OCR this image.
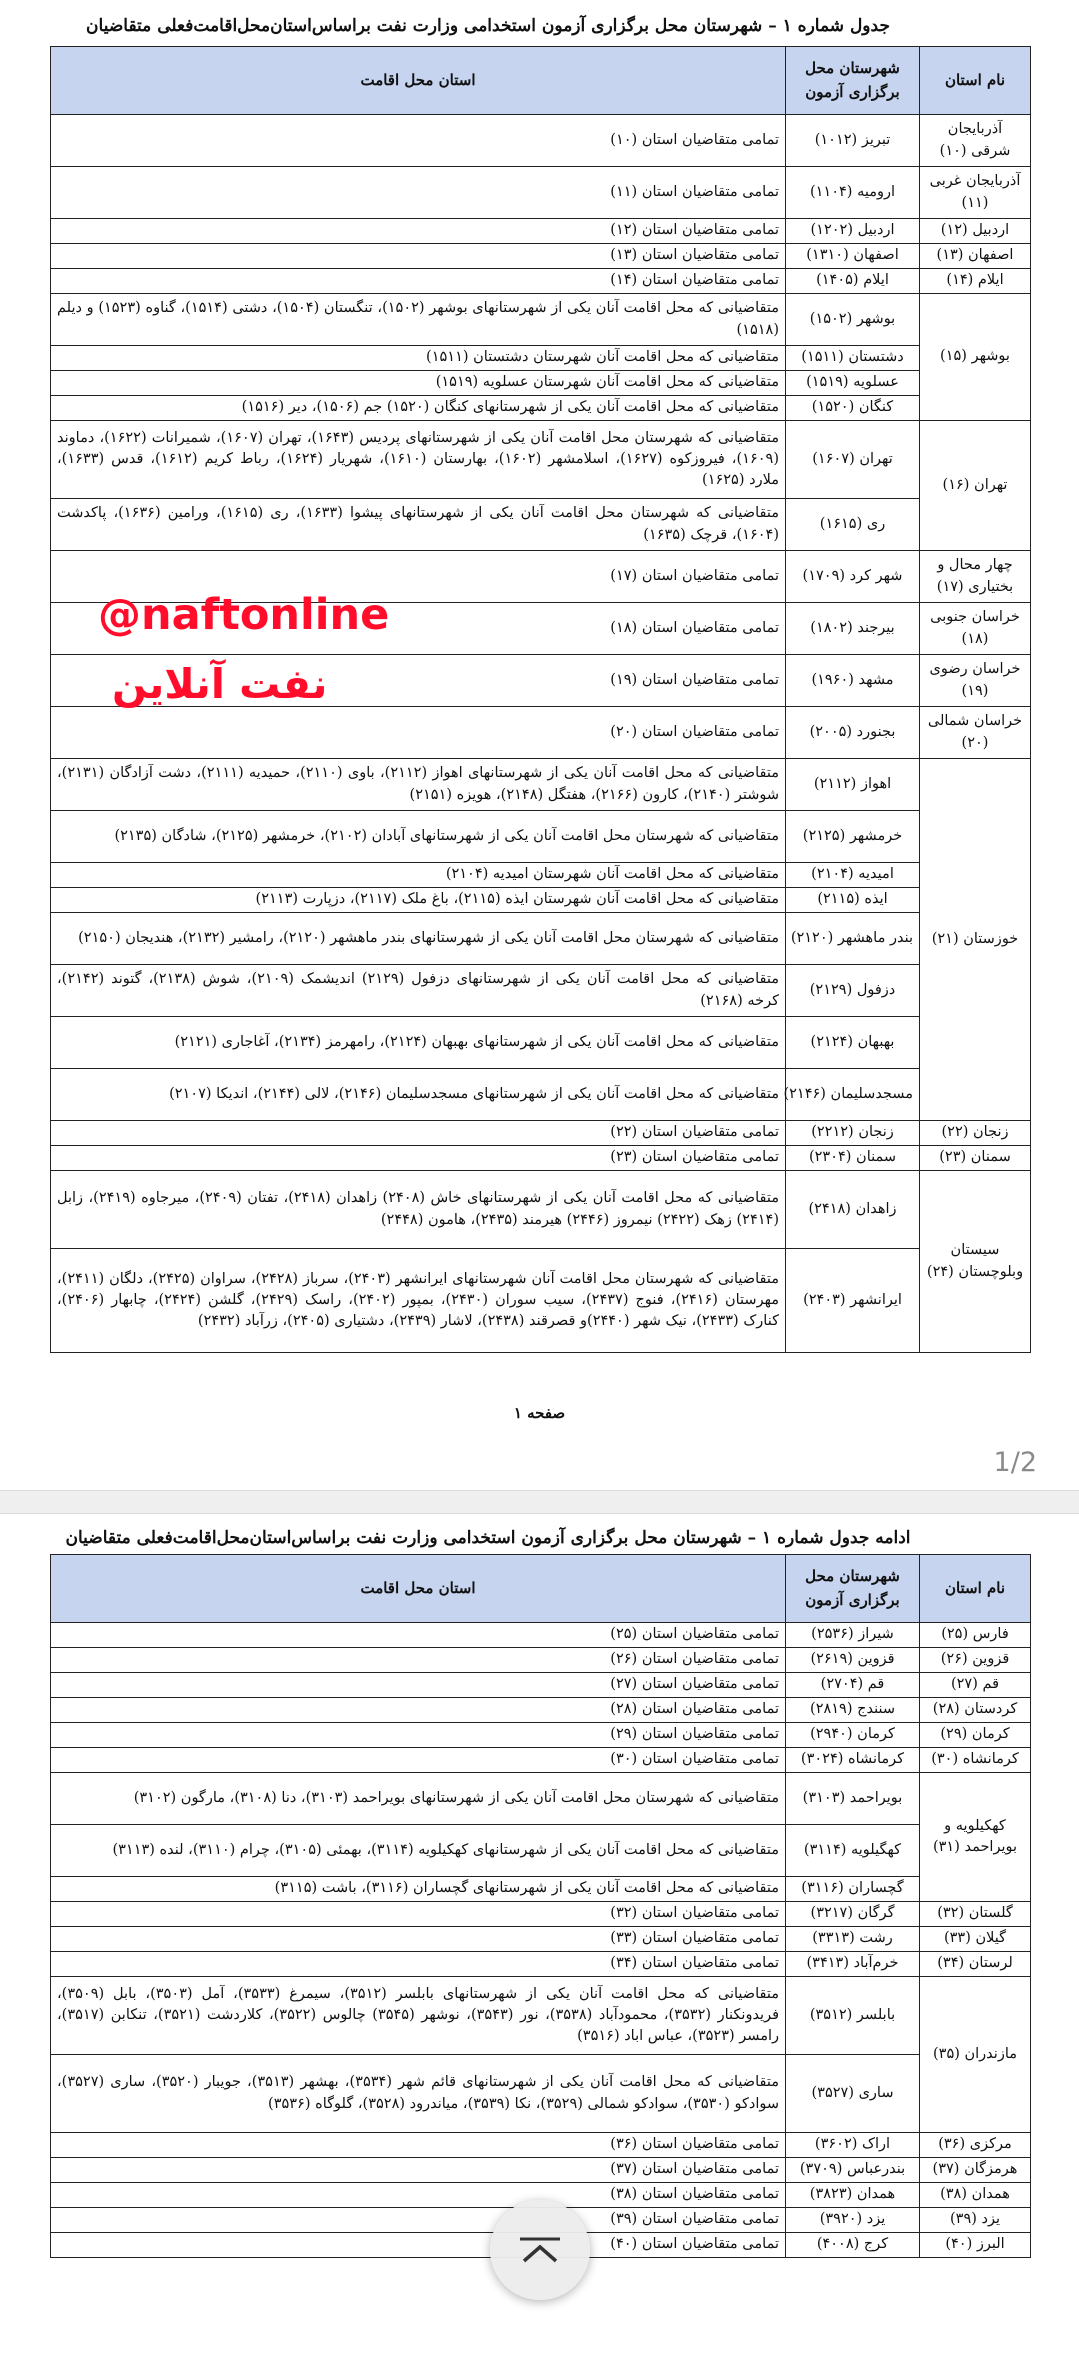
جدول شماره ۱ – شهرستان محل برگزاری آزمون استخدامی وزارت نفت براساس‌استان‌محل‌اقامت‌فعلی متقاضیان
نام استان	شهرستان محل برگزاری آزمون	استان محل اقامت
آذربایجان شرقی (۱۰)	تبریز (۱۰۱۲)	تمامی متقاضیان استان (۱۰)
آذربایجان غربی (۱۱)	ارومیه (۱۱۰۴)	تمامی متقاضیان استان (۱۱)
اردبیل (۱۲)	اردبیل (۱۲۰۲)	تمامی متقاضیان استان (۱۲)
اصفهان (۱۳)	اصفهان (۱۳۱۰)	تمامی متقاضیان استان (۱۳)
ایلام (۱۴)	ایلام (۱۴۰۵)	تمامی متقاضیان استان (۱۴)
بوشهر (۱۵)	بوشهر (۱۵۰۲)	متقاضیانی که محل اقامت آنان یکی از شهرستانهای بوشهر (۱۵۰۲)، تنگستان (۱۵۰۴)، دشتی (۱۵۱۴)، گناوه (۱۵۲۳) و دیلم (۱۵۱۸)
	دشتستان (۱۵۱۱)	متقاضیانی که محل اقامت آنان شهرستان دشتستان (۱۵۱۱)
	عسلویه (۱۵۱۹)	متقاضیانی که محل اقامت آنان شهرستان عسلویه (۱۵۱۹)
	کنگان (۱۵۲۰)	متقاضیانی که محل اقامت آنان یکی از شهرستانهای کنگان (۱۵۲۰) جم (۱۵۰۶)، دیر (۱۵۱۶)
تهران (۱۶)	تهران (۱۶۰۷)	متقاضیانی که شهرستان محل اقامت آنان یکی از شهرستانهای پردیس (۱۶۴۳)، تهران (۱۶۰۷)، شمیرانات (۱۶۲۲)، دماوند (۱۶۰۹)، فیروزکوه (۱۶۲۷)، اسلامشهر (۱۶۰۲)، بهارستان (۱۶۱۰)، شهریار (۱۶۲۴)، رباط کریم (۱۶۱۲)، قدس (۱۶۳۳)، ملارد (۱۶۲۵)
	ری (۱۶۱۵)	متقاضیانی که شهرستان محل اقامت آنان یکی از شهرستانهای پیشوا (۱۶۳۳)، ری (۱۶۱۵)، ورامین (۱۶۳۶)، پاکدشت (۱۶۰۴)، قرچک (۱۶۳۵)
چهار محال و بختیاری (۱۷)	شهر کرد (۱۷۰۹)	تمامی متقاضیان استان (۱۷)
خراسان جنوبی (۱۸)	بیرجند (۱۸۰۲)	تمامی متقاضیان استان (۱۸)
خراسان رضوی (۱۹)	مشهد (۱۹۶۰)	تمامی متقاضیان استان (۱۹)
خراسان شمالی (۲۰)	بجنورد (۲۰۰۵)	تمامی متقاضیان استان (۲۰)
خوزستان (۲۱)	اهواز (۲۱۱۲)	متقاضیانی که محل اقامت آنان یکی از شهرستانهای اهواز (۲۱۱۲)، باوی (۲۱۱۰)، حمیدیه (۲۱۱۱)، دشت آزادگان (۲۱۳۱)، شوشتر (۲۱۴۰)، کارون (۲۱۶۶)، هفتگل (۲۱۴۸)، هویزه (۲۱۵۱)
	خرمشهر (۲۱۲۵)	متقاضیانی که شهرستان محل اقامت آنان یکی از شهرستانهای آبادان (۲۱۰۲)، خرمشهر (۲۱۲۵)، شادگان (۲۱۳۵)
	امیدیه (۲۱۰۴)	متقاضیانی که محل اقامت آنان شهرستان امیدیه (۲۱۰۴)
	ایذه (۲۱۱۵)	متقاضیانی که محل اقامت آنان شهرستان ایذه (۲۱۱۵)، باغ ملک (۲۱۱۷)، دزپارت (۲۱۱۳)
	بندر ماهشهر (۲۱۲۰)	متقاضیانی که شهرستان محل اقامت آنان یکی از شهرستانهای بندر ماهشهر (۲۱۲۰)، رامشیر (۲۱۳۲)، هندیجان (۲۱۵۰)
	دزفول (۲۱۲۹)	متقاضیانی که محل اقامت آنان یکی از شهرستانهای دزفول (۲۱۲۹) اندیشمک (۲۱۰۹)، شوش (۲۱۳۸)، گتوند (۲۱۴۲)، کرخه (۲۱۶۸)
	بهبهان (۲۱۲۴)	متقاضیانی که محل اقامت آنان یکی از شهرستانهای بهبهان (۲۱۲۴)، رامهرمز (۲۱۳۴)، آغاجاری (۲۱۲۱)
	مسجدسلیمان (۲۱۴۶)	متقاضیانی که محل اقامت آنان یکی از شهرستانهای مسجدسلیمان (۲۱۴۶)، لالی (۲۱۴۴)، اندیکا (۲۱۰۷)
زنجان (۲۲)	زنجان (۲۲۱۲)	تمامی متقاضیان استان (۲۲)
سمنان (۲۳)	سمنان (۲۳۰۴)	تمامی متقاضیان استان (۲۳)
سیستان وبلوچستان (۲۴)	زاهدان (۲۴۱۸)	متقاضیانی که محل اقامت آنان یکی از شهرستانهای خاش (۲۴۰۸) زاهدان (۲۴۱۸)، تفتان (۲۴۰۹)، میرجاوه (۲۴۱۹)، زابل (۲۴۱۴) زهک (۲۴۲۲) نیمروز (۲۴۴۶) هیرمند (۲۴۳۵)، هامون (۲۴۴۸)
	ایرانشهر (۲۴۰۳)	متقاضیانی که شهرستان محل اقامت آنان شهرستانهای ایرانشهر (۲۴۰۳)، سرباز (۲۴۲۸)، سراوان (۲۴۲۵)، دلگان (۲۴۱۱)، مهرستان (۲۴۱۶)، فنوج (۲۴۳۷)، سیب سوران (۲۴۳۰)، بمپور (۲۴۰۲)، راسک (۲۴۲۹)، گلشن (۲۴۲۴)، چابهار (۲۴۰۶)، کنارک (۲۴۳۳)، نیک شهر (۲۴۴۰)و قصرقند (۲۴۳۸)، لاشار (۲۴۳۹)، دشتیاری (۲۴۰۵)، زرآباد (۲۴۳۲)
صفحه ۱
1/2
@naftonline
نفت آنلاین
ادامه جدول شماره ۱ – شهرستان محل برگزاری آزمون استخدامی وزارت نفت براساس‌استان‌محل‌اقامت‌فعلی متقاضیان
نام استان	شهرستان محل برگزاری آزمون	استان محل اقامت
فارس (۲۵)	شیراز (۲۵۳۶)	تمامی متقاضیان استان (۲۵)
قزوین (۲۶)	قزوین (۲۶۱۹)	تمامی متقاضیان استان (۲۶)
قم (۲۷)	قم (۲۷۰۴)	تمامی متقاضیان استان (۲۷)
کردستان (۲۸)	سنندج (۲۸۱۹)	تمامی متقاضیان استان (۲۸)
کرمان (۲۹)	کرمان (۲۹۴۰)	تمامی متقاضیان استان (۲۹)
کرمانشاه (۳۰)	کرمانشاه (۳۰۲۴)	تمامی متقاضیان استان (۳۰)
کهکیلویه و بویراحمد (۳۱)	بویراحمد (۳۱۰۳)	متقاضیانی که شهرستان محل اقامت آنان یکی از شهرستانهای بویراحمد (۳۱۰۳)، دنا (۳۱۰۸)، مارگون (۳۱۰۲)
	کهگیلویه (۳۱۱۴)	متقاضیانی که محل اقامت آنان یکی از شهرستانهای کهکیلویه (۳۱۱۴)، بهمئی (۳۱۰۵)، چرام (۳۱۱۰)، لنده (۳۱۱۳)
	گچساران (۳۱۱۶)	متقاضیانی که محل اقامت آنان یکی از شهرستانهای گچساران (۳۱۱۶)، باشت (۳۱۱۵)
گلستان (۳۲)	گرگان (۳۲۱۷)	تمامی متقاضیان استان (۳۲)
گیلان (۳۳)	رشت (۳۳۱۳)	تمامی متقاضیان استان (۳۳)
لرستان (۳۴)	خرم‌آباد (۳۴۱۳)	تمامی متقاضیان استان (۳۴)
مازندران (۳۵)	بابلسر (۳۵۱۲)	متقاضیانی که محل اقامت آنان یکی از شهرستانهای بابلسر (۳۵۱۲)، سیمرغ (۳۵۳۳)، آمل (۳۵۰۳)، بابل (۳۵۰۹)، فریدونکنار (۳۵۳۲)، محمودآباد (۳۵۳۸)، نور (۳۵۴۳)، نوشهر (۳۵۴۵) چالوس (۳۵۲۲)، کلاردشت (۳۵۲۱)، تنکابن (۳۵۱۷)، رامسر (۳۵۲۳)، عباس اباد (۳۵۱۶)
	ساری (۳۵۲۷)	متقاضیانی که محل اقامت آنان یکی از شهرستانهای قائم شهر (۳۵۳۴)، بهشهر (۳۵۱۳)، جویبار (۳۵۲۰)، ساری (۳۵۲۷)، سوادکو (۳۵۳۰)، سوادکو شمالی (۳۵۲۹)، نکا (۳۵۳۹)، میاندرود (۳۵۲۸)، گلوگاه (۳۵۳۶)
مرکزی (۳۶)	اراک (۳۶۰۲)	تمامی متقاضیان استان (۳۶)
هرمزگان (۳۷)	بندرعباس (۳۷۰۹)	تمامی متقاضیان استان (۳۷)
همدان (۳۸)	همدان (۳۸۲۳)	تمامی متقاضیان استان (۳۸)
یزد (۳۹)	یزد (۳۹۲۰)	تمامی متقاضیان استان (۳۹)
البرز (۴۰)	کرج (۴۰۰۸)	تمامی متقاضیان استان (۴۰)
